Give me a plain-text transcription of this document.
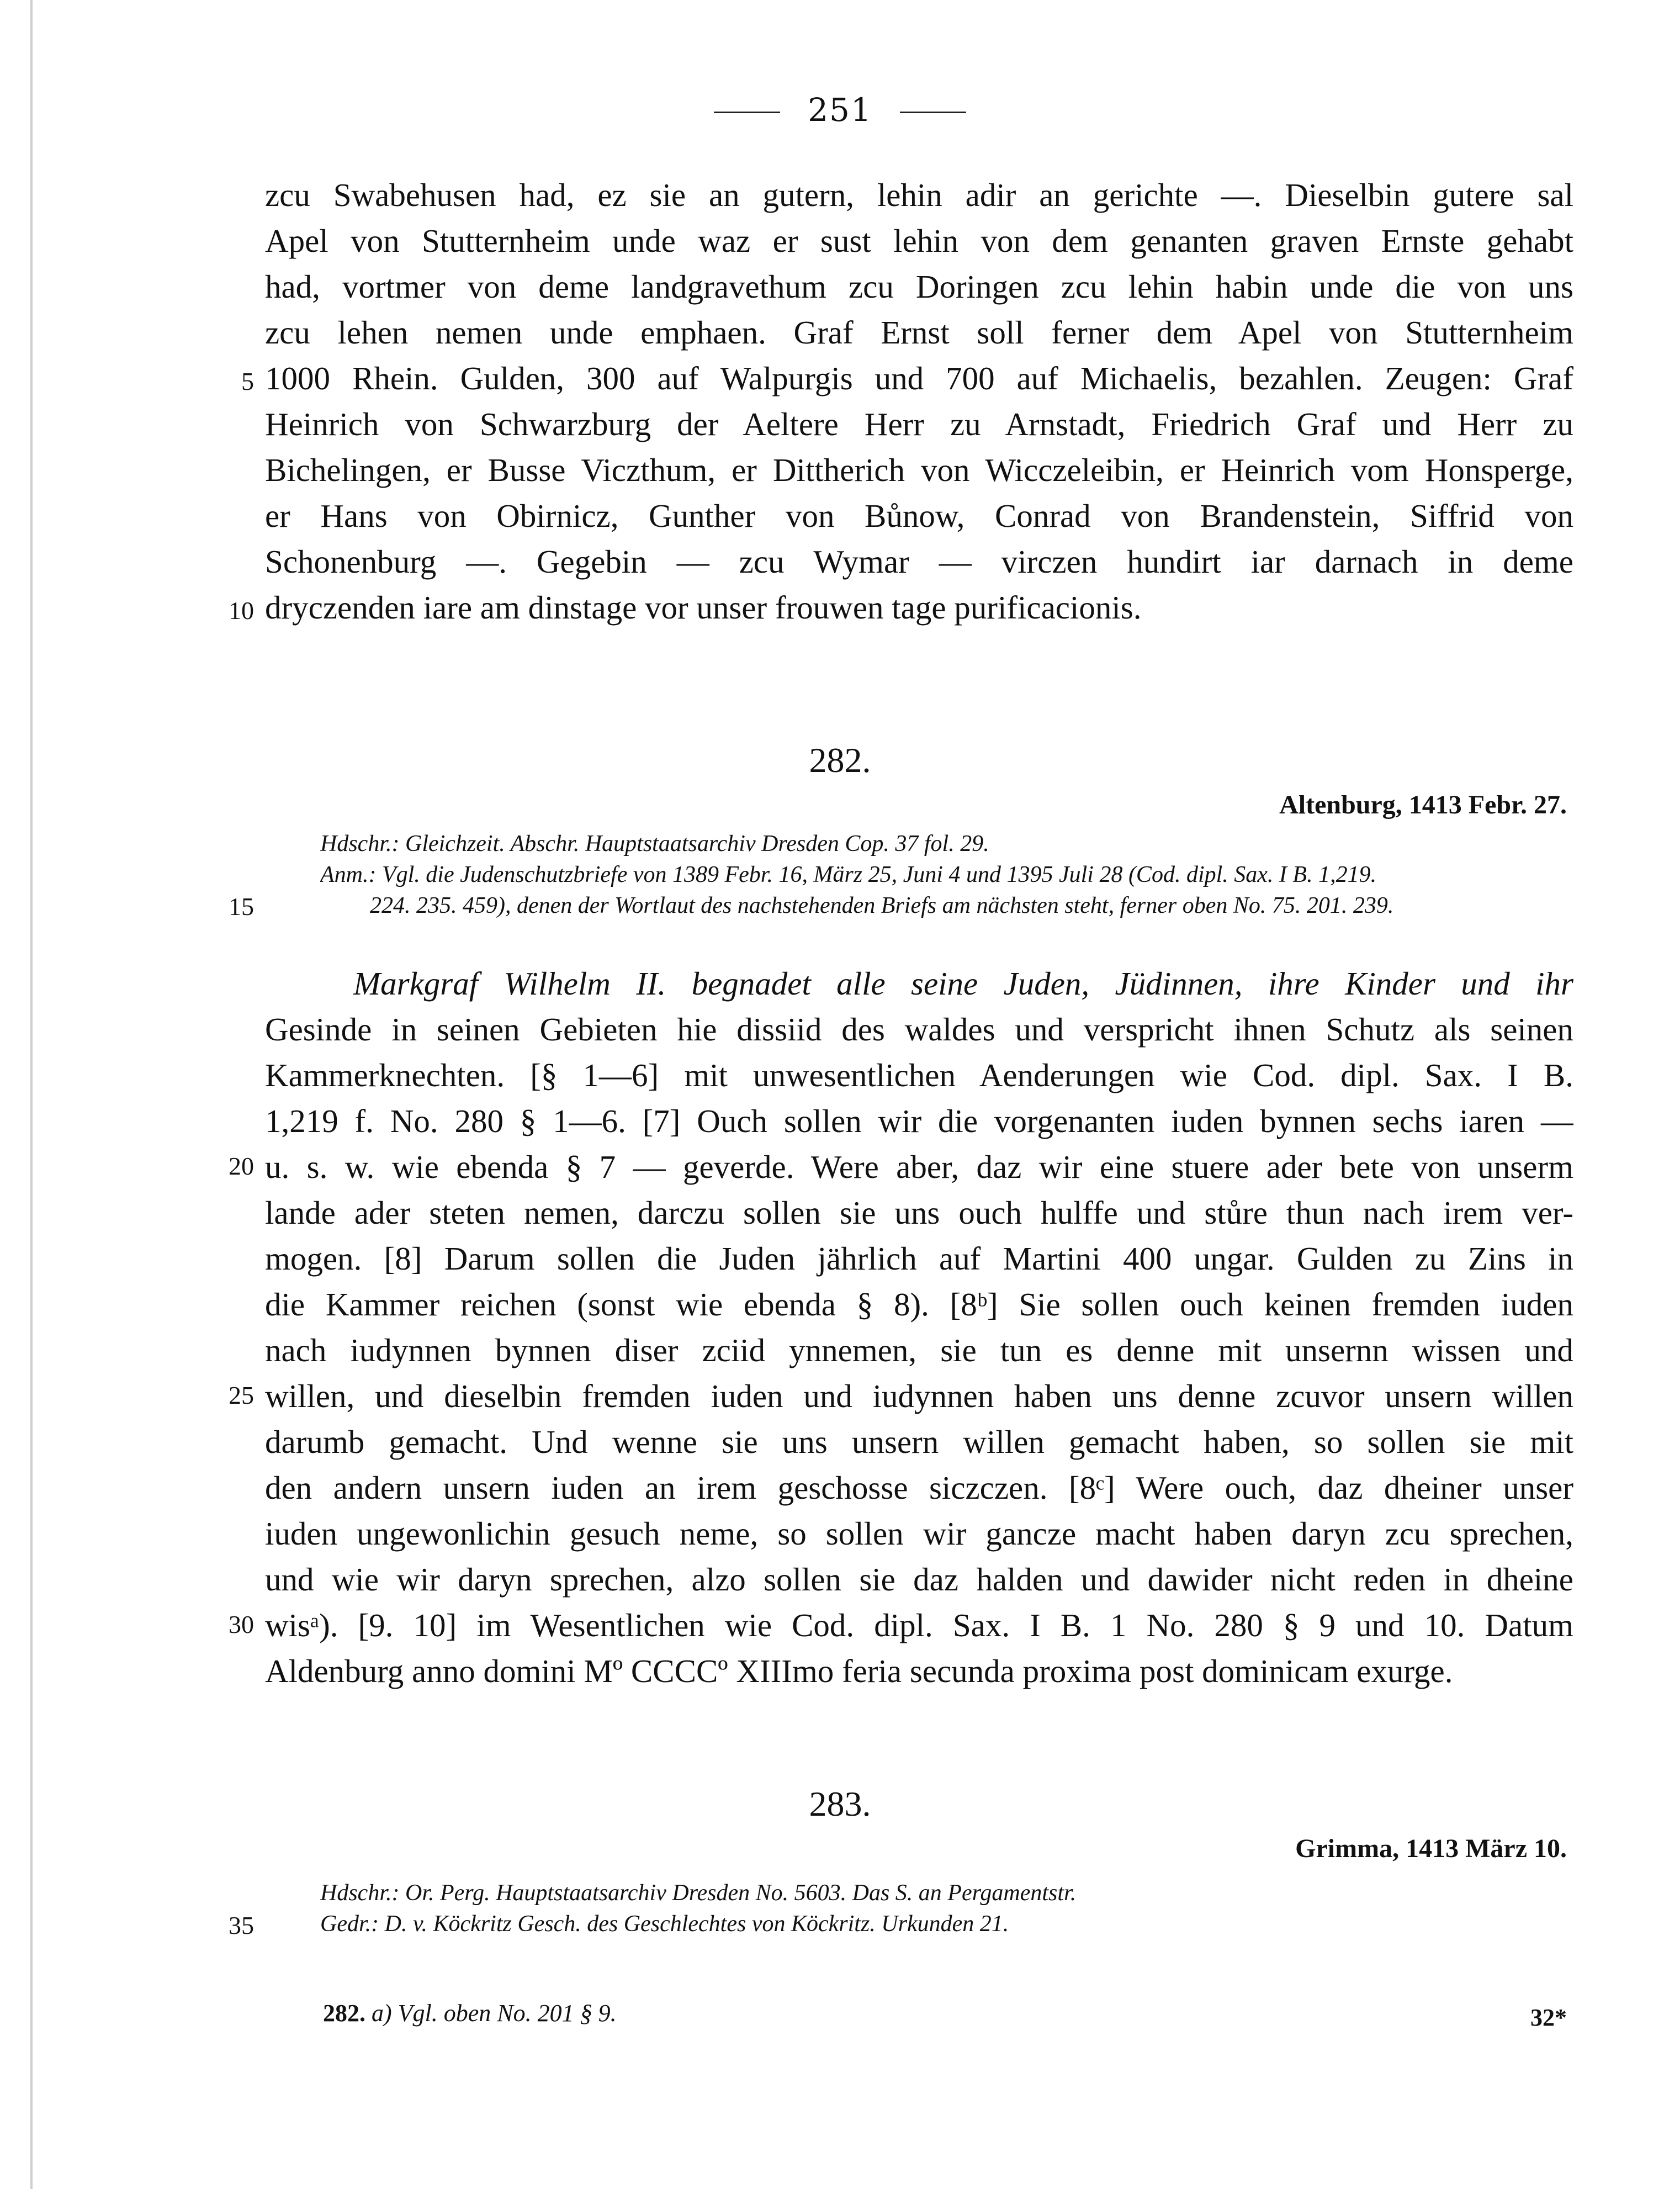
251
zcu Swabehusen had, ez sie an gutern, lehin adir an gerichte —. Dieselbin gutere sal
Apel von Stutternheim unde waz er sust lehin von dem genanten graven Ernste gehabt
had, vortmer von deme landgravethum zcu Doringen zcu lehin habin unde die von uns
zcu lehen nemen unde emphaen. Graf Ernst soll ferner dem Apel von Stutternheim
1000 Rhein. Gulden, 300 auf Walpurgis und 700 auf Michaelis, bezahlen. Zeugen: Graf
Heinrich von Schwarzburg der Aeltere Herr zu Arnstadt, Friedrich Graf und Herr zu
Bichelingen, er Busse Viczthum, er Dittherich von Wicczeleibin, er Heinrich vom Honsperge,
er Hans von Obirnicz, Gunther von Bůnow, Conrad von Brandenstein, Siffrid von
Schonenburg —. Gegebin — zcu Wymar — virczen hundirt iar darnach in deme
dryczenden iare am dinstage vor unser frouwen tage purificacionis.
5
10
282.
Altenburg, 1413 Febr. 27.
Hdschr.: Gleichzeit. Abschr. Hauptstaatsarchiv Dresden Cop. 37 fol. 29.
Anm.: Vgl. die Judenschutzbriefe von 1389 Febr. 16, März 25, Juni 4 und 1395 Juli 28 (Cod. dipl. Sax. I B. 1,219.
224. 235. 459), denen der Wortlaut des nachstehenden Briefs am nächsten steht, ferner oben No. 75. 201. 239.
15
Markgraf Wilhelm II. begnadet alle seine Juden, Jüdinnen, ihre Kinder und ihr
Gesinde in seinen Gebieten hie dissiid des waldes und verspricht ihnen Schutz als seinen
Kammerknechten. [§ 1—6] mit unwesentlichen Aenderungen wie Cod. dipl. Sax. I B.
1,219 f. No. 280 § 1—6. [7] Ouch sollen wir die vorgenanten iuden bynnen sechs iaren —
u. s. w. wie ebenda § 7 — geverde. Were aber, daz wir eine stuere ader bete von unserm
lande ader steten nemen, darczu sollen sie uns ouch hulffe und stůre thun nach irem ver-
mogen. [8] Darum sollen die Juden jährlich auf Martini 400 ungar. Gulden zu Zins in
die Kammer reichen (sonst wie ebenda § 8). [8ᵇ] Sie sollen ouch keinen fremden iuden
nach iudynnen bynnen diser zciid ynnemen, sie tun es denne mit unsernn wissen und
willen, und dieselbin fremden iuden und iudynnen haben uns denne zcuvor unsern willen
darumb gemacht. Und wenne sie uns unsern willen gemacht haben, so sollen sie mit
den andern unsern iuden an irem geschosse siczczen. [8ᶜ] Were ouch, daz dheiner unser
iuden ungewonlichin gesuch neme, so sollen wir gancze macht haben daryn zcu sprechen,
und wie wir daryn sprechen, alzo sollen sie daz halden und dawider nicht reden in dheine
wisᵃ). [9. 10] im Wesentlichen wie Cod. dipl. Sax. I B. 1 No. 280 § 9 und 10. Datum
Aldenburg anno domini Mº CCCCº XIIImo feria secunda proxima post dominicam exurge.
20
25
30
283.
Grimma, 1413 März 10.
Hdschr.: Or. Perg. Hauptstaatsarchiv Dresden No. 5603. Das S. an Pergamentstr.
Gedr.: D. v. Köckritz Gesch. des Geschlechtes von Köckritz. Urkunden 21.
35
282. a) Vgl. oben No. 201 § 9.	32*
